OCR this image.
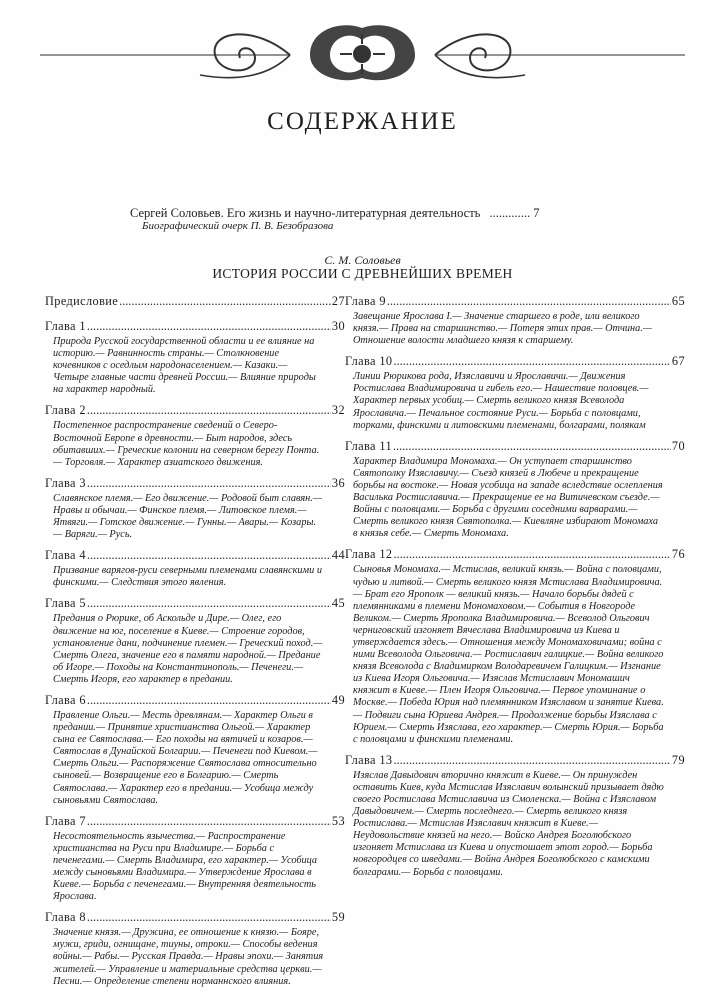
СОДЕРЖАНИЕ
Сергей Соловьев. Его жизнь и научно-литературная деятельность ............. 7
Биографический очерк П. В. Безобразова
С. М. Соловьев
ИСТОРИЯ РОССИИ С ДРЕВНЕЙШИХ ВРЕМЕН
Предисловие .....	27
Глава 1 .....	30
Природа Русской государственной области и ее влияние на историю.— Равнинность страны.— Столкновение кочевников с оседлым народонаселением.— Казаки.— Четыре главные части древней России.— Влияние природы на характер народный.
Глава 2 .....	32
Постепенное распространение сведений о Северо-Восточной Европе в древности.— Быт народов, здесь обитавших.— Греческие колонии на северном берегу Понта.— Торговля.— Характер азиатского движения.
Глава 3 .....	36
Славянское племя.— Его движение.— Родовой быт славян.— Нравы и обычаи.— Финское племя.— Литовское племя.— Ятвяги.— Готское движение.— Гунны.— Авары.— Козары.— Варяги.— Русь.
Глава 4 .....	44
Призвание варягов-руси северными племенами славянскими и финскими.— Следствия этого явления.
Глава 5 .....	45
Предания о Рюрике, об Аскольде и Дире.— Олег, его движение на юг, поселение в Киеве.— Строение городов, установление дани, подчинение племен.— Греческий поход.— Смерть Олега, значение его в памяти народной.— Предание об Игоре.— Походы на Константинополь.— Печенеги.— Смерть Игоря, его характер в предании.
Глава 6 .....	49
Правление Ольги.— Месть древлянам.— Характер Ольги в предании.— Принятие христианства Ольгой.— Характер сына ее Святослава.— Его походы на вятичей и козаров.— Святослав в Дунайской Болгарии.— Печенеги под Киевом.— Смерть Ольги.— Распоряжение Святослава относительно сыновей.— Возвращение его в Болгарию.— Смерть Святослава.— Характер его в предании.— Усобица между сыновьями Святослава.
Глава 7 .....	53
Несостоятельность язычества.— Распространение христианства на Руси при Владимире.— Борьба с печенегами.— Смерть Владимира, его характер.— Усобица между сыновьями Владимира.— Утверждение Ярослава в Киеве.— Борьба с печенегами.— Внутренняя деятельность Ярослава.
Глава 8 .....	59
Значение князя.— Дружина, ее отношение к князю.— Бояре, мужи, гриди, огнищане, тиуны, отроки.— Способы ведения войны.— Рабы.— Русская Правда.— Нравы эпохи.— Занятия жителей.— Управление и материальные средства церкви.— Песни.— Определение степени норманнского влияния.
Глава 9 .....	65
Завещание Ярослава I.— Значение старшего в роде, или великого князя.— Права на старшинство.— Потеря этих прав.— Отчина.— Отношение волости младшего князя к старшему.
Глава 10 .....	67
Линии Рюрикова рода, Изяславичи и Ярославичи.— Движения Ростислава Владимировича и гибель его.— Нашествие половцев.— Характер первых усобиц.— Смерть великого князя Всеволода Ярославича.— Печальное состояние Руси.— Борьба с половцами, торками, финскими и литовскими племенами, болгарами, полякам
Глава 11 .....	70
Характер Владимира Мономаха.— Он уступает старшинство Святополку Изяславичу.— Съезд князей в Любече и прекращение борьбы на востоке.— Новая усобица на западе вследствие ослепления Василька Ростиславича.— Прекращение ее на Витичевском съезде.— Войны с половцами.— Борьба с другими соседними варварами.— Смерть великого князя Святополка.— Киевляне избирают Мономаха в князья себе.— Смерть Мономаха.
Глава 12 .....	76
Сыновья Мономаха.— Мстислав, великий князь.— Война с половцами, чудью и литвой.— Смерть великого князя Мстислава Владимировича.— Брат его Ярополк — великий князь.— Начало борьбы дядей с племянниками в племени Мономаховом.— События в Новгороде Великом.— Смерть Ярополка Владимировича.— Всеволод Ольгович черниговский изгоняет Вячеслава Владимировича из Киева и утверждается здесь.— Отношения между Мономаховичами; война с ними Всеволода Ольговича.— Ростиславич галицкие.— Война великого князя Всеволода с Владимирком Володаревичем Галицким.— Изгнание из Киева Игоря Ольговича.— Изяслав Мстиславич Мономашич княжит в Киеве.— Плен Игоря Ольговича.— Первое упоминание о Москве.— Победа Юрия над племянником Изяславом и занятие Киева.— Подвиги сына Юриева Андрея.— Продолжение борьбы Изяслава с Юрием.— Смерть Изяслава, его характер.— Смерть Юрия.— Борьба с половцами и финскими племенами.
Глава 13 .....	79
Изяслав Давыдович вторично княжит в Киеве.— Он принужден оставить Киев, куда Мстислав Изяславич волынский призывает дядю своего Ростислава Мстиславича из Смоленска.— Война с Изяславом Давыдовичем.— Смерть последнего.— Смерть великого князя Ростислава.— Мстислав Изяславич княжит в Киеве.— Неудовольствие князей на него.— Войско Андрея Боголюбского изгоняет Мстислава из Киева и опустошает этот город.— Борьба новгородцев со шведами.— Война Андрея Боголюбского с камскими болгарами.— Борьба с половцами.
